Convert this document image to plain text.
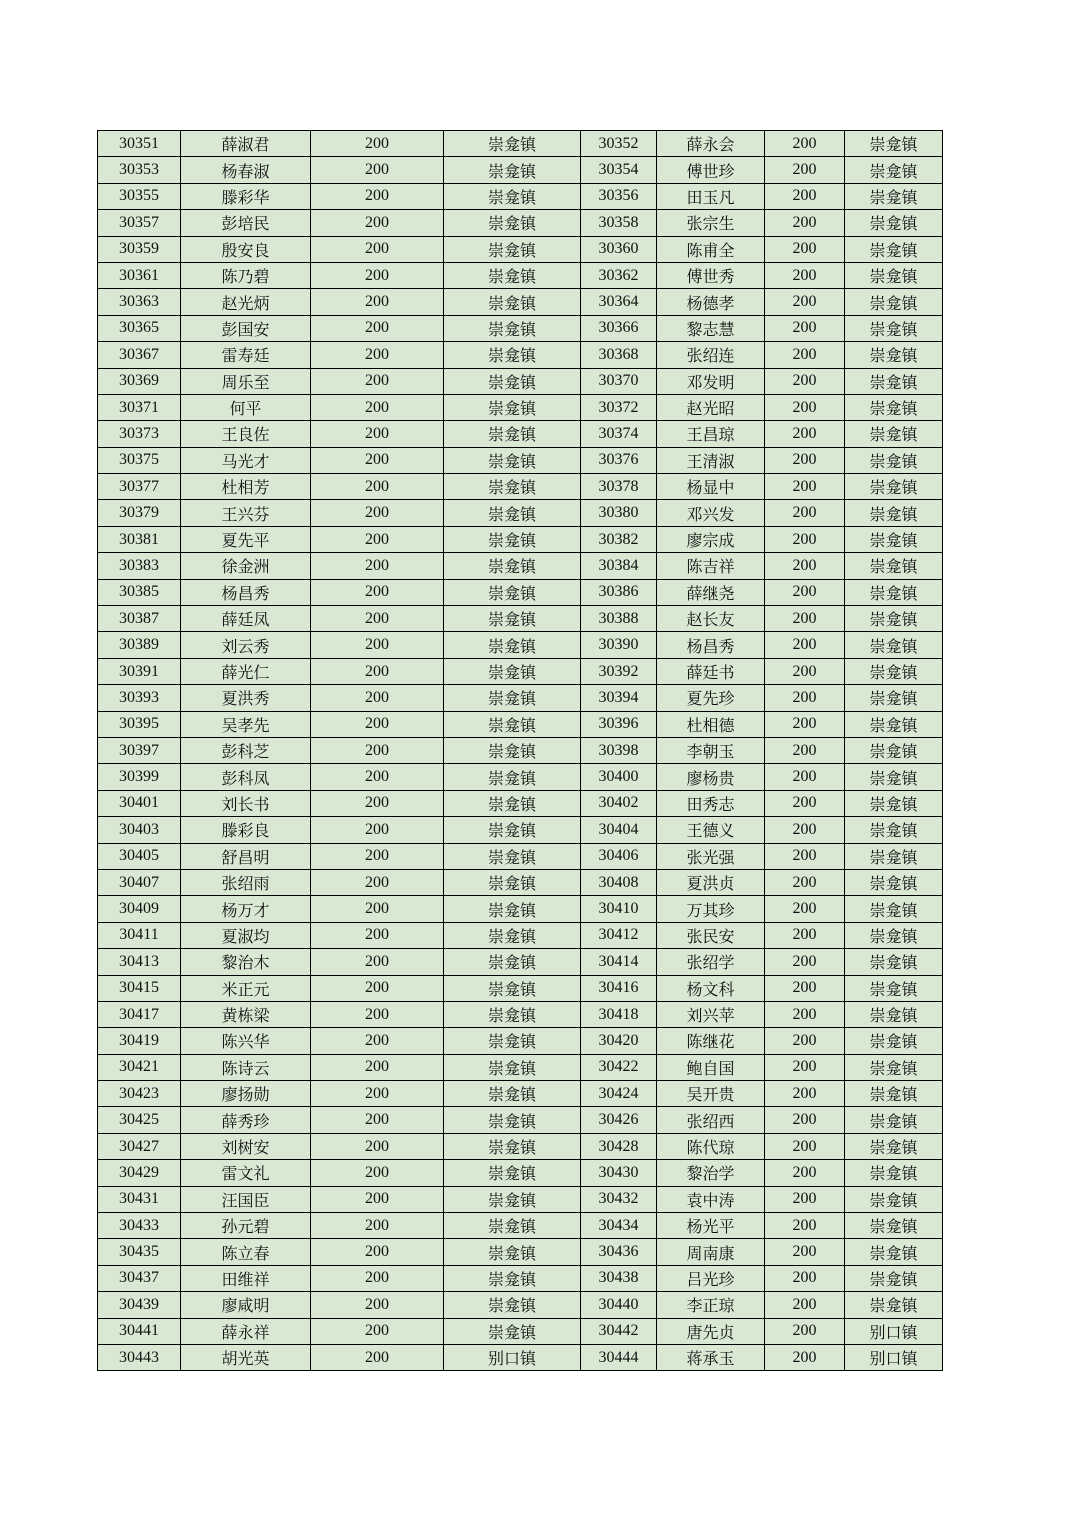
30351	薛淑君	200	崇龛镇	30352	薛永会	200	崇龛镇
30353	杨春淑	200	崇龛镇	30354	傅世珍	200	崇龛镇
30355	滕彩华	200	崇龛镇	30356	田玉凡	200	崇龛镇
30357	彭培民	200	崇龛镇	30358	张宗生	200	崇龛镇
30359	殷安良	200	崇龛镇	30360	陈甫全	200	崇龛镇
30361	陈乃碧	200	崇龛镇	30362	傅世秀	200	崇龛镇
30363	赵光炳	200	崇龛镇	30364	杨德孝	200	崇龛镇
30365	彭国安	200	崇龛镇	30366	黎志慧	200	崇龛镇
30367	雷寿廷	200	崇龛镇	30368	张绍连	200	崇龛镇
30369	周乐至	200	崇龛镇	30370	邓发明	200	崇龛镇
30371	何平	200	崇龛镇	30372	赵光昭	200	崇龛镇
30373	王良佐	200	崇龛镇	30374	王昌琼	200	崇龛镇
30375	马光才	200	崇龛镇	30376	王清淑	200	崇龛镇
30377	杜相芳	200	崇龛镇	30378	杨显中	200	崇龛镇
30379	王兴芬	200	崇龛镇	30380	邓兴发	200	崇龛镇
30381	夏先平	200	崇龛镇	30382	廖宗成	200	崇龛镇
30383	徐金洲	200	崇龛镇	30384	陈吉祥	200	崇龛镇
30385	杨昌秀	200	崇龛镇	30386	薛继尧	200	崇龛镇
30387	薛廷凤	200	崇龛镇	30388	赵长友	200	崇龛镇
30389	刘云秀	200	崇龛镇	30390	杨昌秀	200	崇龛镇
30391	薛光仁	200	崇龛镇	30392	薛廷书	200	崇龛镇
30393	夏洪秀	200	崇龛镇	30394	夏先珍	200	崇龛镇
30395	吴孝先	200	崇龛镇	30396	杜相德	200	崇龛镇
30397	彭科芝	200	崇龛镇	30398	李朝玉	200	崇龛镇
30399	彭科凤	200	崇龛镇	30400	廖杨贵	200	崇龛镇
30401	刘长书	200	崇龛镇	30402	田秀志	200	崇龛镇
30403	滕彩良	200	崇龛镇	30404	王德义	200	崇龛镇
30405	舒昌明	200	崇龛镇	30406	张光强	200	崇龛镇
30407	张绍雨	200	崇龛镇	30408	夏洪贞	200	崇龛镇
30409	杨万才	200	崇龛镇	30410	万其珍	200	崇龛镇
30411	夏淑均	200	崇龛镇	30412	张民安	200	崇龛镇
30413	黎治木	200	崇龛镇	30414	张绍学	200	崇龛镇
30415	米正元	200	崇龛镇	30416	杨文科	200	崇龛镇
30417	黄栋梁	200	崇龛镇	30418	刘兴苹	200	崇龛镇
30419	陈兴华	200	崇龛镇	30420	陈继花	200	崇龛镇
30421	陈诗云	200	崇龛镇	30422	鲍自国	200	崇龛镇
30423	廖扬勋	200	崇龛镇	30424	吴开贵	200	崇龛镇
30425	薛秀珍	200	崇龛镇	30426	张绍西	200	崇龛镇
30427	刘树安	200	崇龛镇	30428	陈代琼	200	崇龛镇
30429	雷文礼	200	崇龛镇	30430	黎治学	200	崇龛镇
30431	汪国臣	200	崇龛镇	30432	袁中涛	200	崇龛镇
30433	孙元碧	200	崇龛镇	30434	杨光平	200	崇龛镇
30435	陈立春	200	崇龛镇	30436	周南康	200	崇龛镇
30437	田维祥	200	崇龛镇	30438	吕光珍	200	崇龛镇
30439	廖咸明	200	崇龛镇	30440	李正琼	200	崇龛镇
30441	薛永祥	200	崇龛镇	30442	唐先贞	200	别口镇
30443	胡光英	200	别口镇	30444	蒋承玉	200	别口镇
